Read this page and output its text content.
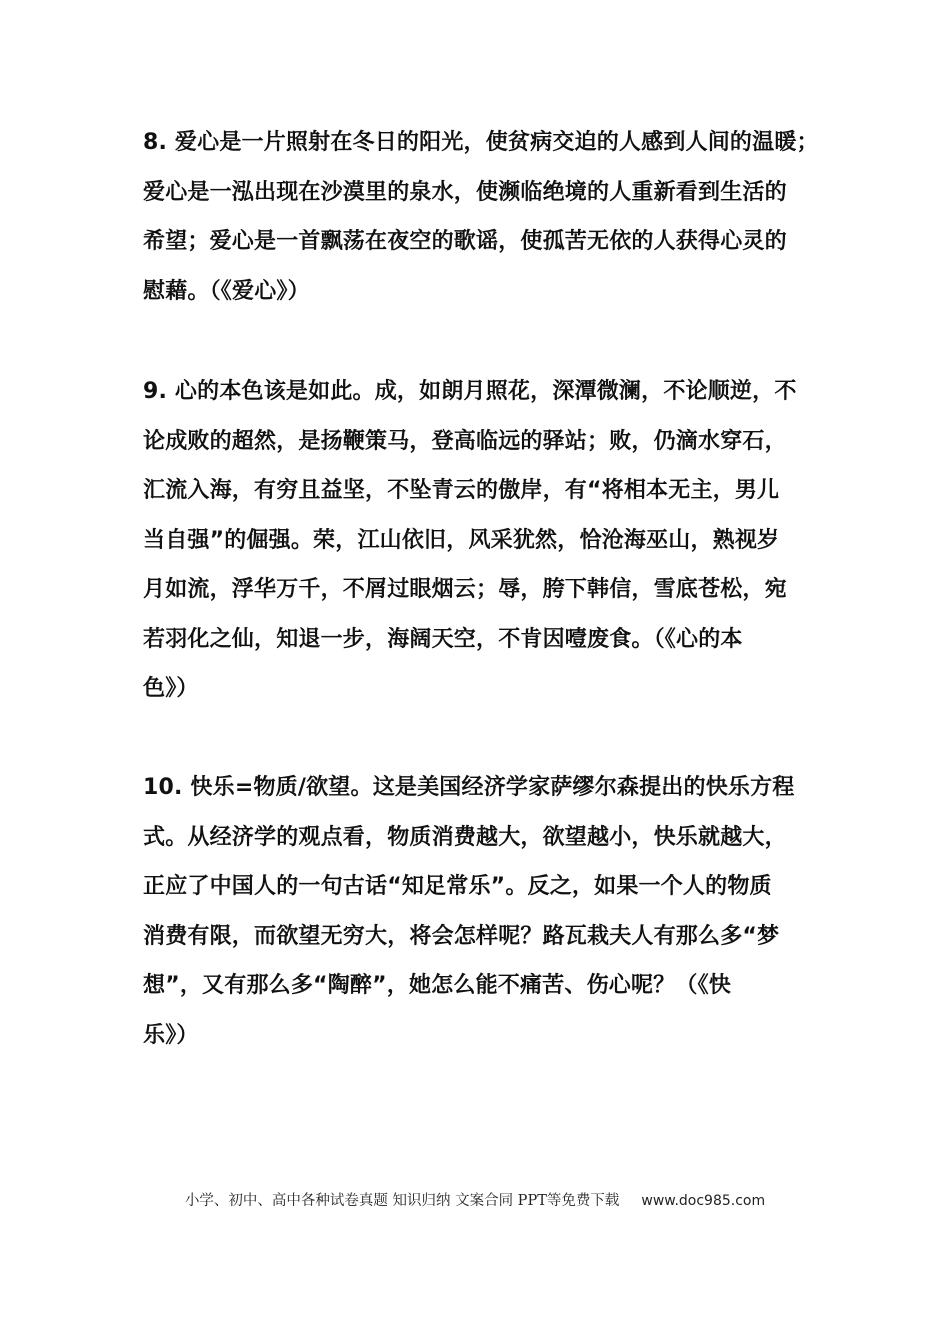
8. 爱心是一片照射在冬日的阳光，使贫病交迫的人感到人间的温暖；
爱心是一泓出现在沙漠里的泉水，使濒临绝境的人重新看到生活的
希望；爱心是一首飘荡在夜空的歌谣，使孤苦无依的人获得心灵的
慰藉。（《爱心》）
9. 心的本色该是如此。成，如朗月照花，深潭微澜，不论顺逆，不
论成败的超然，是扬鞭策马，登高临远的驿站；败，仍滴水穿石，
汇流入海，有穷且益坚，不坠青云的傲岸，有“将相本无主，男儿
当自强”的倔强。荣，江山依旧，风采犹然，恰沧海巫山，熟视岁
月如流，浮华万千，不屑过眼烟云；辱，胯下韩信，雪底苍松，宛
若羽化之仙，知退一步，海阔天空，不肯因噎废食。（《心的本
色》）
10. 快乐=物质/欲望。这是美国经济学家萨缪尔森提出的快乐方程
式。从经济学的观点看，物质消费越大，欲望越小，快乐就越大，
正应了中国人的一句古话“知足常乐”。反之，如果一个人的物质
消费有限，而欲望无穷大，将会怎样呢？路瓦栽夫人有那么多“梦
想”，又有那么多“陶醉”，她怎么能不痛苦、伤心呢？（《快
乐》）
小学、初中、高中各种试卷真题 知识归纳 文案合同 PPT等免费下载 www.doc985.com
